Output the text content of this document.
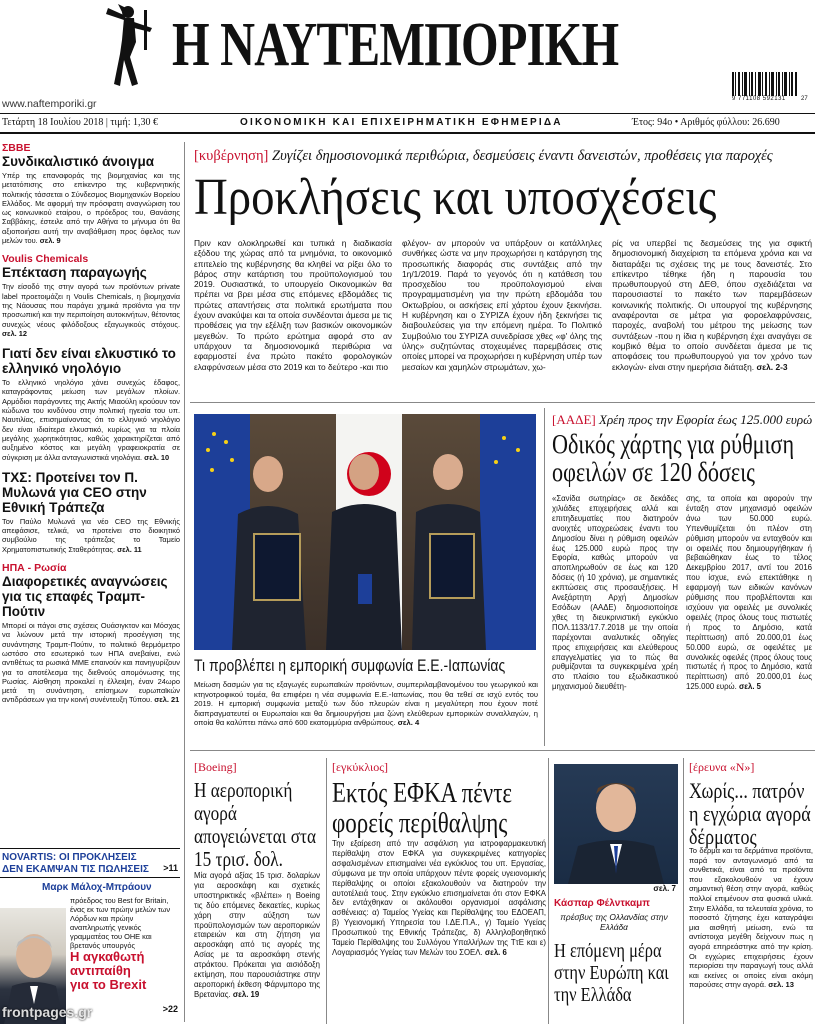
Η ΝΑΥΤΕΜΠΟΡΙΚΗ
www.naftemporiki.gr	9 771108 592131	27
Τετάρτη 18 Ιουλίου 2018 | τιμή: 1,30 €	ΟΙΚΟΝΟΜΙΚΗ ΚΑΙ ΕΠΙΧΕΙΡΗΜΑΤΙΚΗ ΕΦΗΜΕΡΙΔΑ	Έτος: 94ο • Αριθμός φύλλου: 26.690
ΣΒΒΕ
Συνδικαλιστικό άνοιγμα
Υπέρ της επαναφοράς της βιομηχανίας και της μετατόπισης στο επίκεντρο της κυβερνητικής πολιτικής τάσσεται ο Σύνδεσμος Βιομηχανιών Βορείου Ελλάδος. Με αφορμή την πρόσφατη αναγνώριση του ως κοινωνικού εταίρου, ο πρόεδρος του, Θανάσης Σαββάκης, έστειλε από την Αθήνα το μήνυμα ότι θα αξιοποιήσει αυτή την αναβάθμιση προς όφελος των μελών του. σελ. 9
Voulis Chemicals
Επέκταση παραγωγής
Την είσοδό της στην αγορά των προϊόντων private label προετοιμάζει η Voulis Chemicals, η βιομηχανία της Νάουσας που παράγει χημικά προϊόντα για την προσωπική και την περιποίηση αυτοκινήτων, θέτοντας συνεχώς νέους φιλόδοξους εξαγωγικούς στόχους. σελ. 12
Γιατί δεν είναι ελκυστικό το ελληνικό νηολόγιο
Το ελληνικό νηολόγιο χάνει συνεχώς έδαφος, καταγράφοντας μείωση των μεγάλων πλοίων. Αρμόδιοι παράγοντες της Ακτής Μιαούλη κρούουν τον κώδωνα του κινδύνου στην πολιτική ηγεσία του υπ. Ναυτιλίας, επισημαίνοντας ότι το ελληνικό νηολόγιο δεν είναι ιδιαίτερα ελκυστικό, κυρίως για τα πλοία μεγάλης χωρητικότητας, καθώς χαρακτηρίζεται από αυξημένο κόστος και μεγάλη γραφειοκρατία σε σύγκριση με άλλα ανταγωνιστικά νηολόγια. σελ. 10
ΤΧΣ: Προτείνει τον Π. Μυλωνά για CEO στην Εθνική Τράπεζα
Τον Παύλο Μυλωνά για νέο CEO της Εθνικής απεφάσισε, τελικά, να προτείνει στο διοικητικό συμβούλιο της τράπεζας το Ταμείο Χρηματοπιστωτικής Σταθερότητας. σελ. 11
ΗΠΑ - Ρωσία
Διαφορετικές αναγνώσεις για τις επαφές Τραμπ-Πούτιν
Μπορεί οι πάγοι στις σχέσεις Ουάσιγκτον και Μόσχας να λιώνουν μετά την ιστορική προσέγγιση της συνάντησης Τραμπ-Πούτιν, το πολιτικό θερμόμετρο ωστόσο στο εσωτερικό των ΗΠΑ ανεβαίνει, ενώ αντιθέτως τα ρωσικά ΜΜΕ επαινούν και πανηγυρίζουν για το αποτέλεσμα της διεθνούς απομόνωσης της Ρωσίας. Αίσθηση προκαλεί η έλλειψη, έναν 24ωρο μετά τη συνάντηση, επίσημων ευρωπαϊκών αντιδράσεων για την κοινή συνέντευξη Τύπου. σελ. 21
NOVARTIS: ΟΙ ΠΡΟΚΛΗΣΕΙΣ ΔΕΝ ΕΚΑΜΨΑΝ ΤΙΣ ΠΩΛΗΣΕΙΣ	>11
Μαρκ Μάλοχ-Μπράουν
πρόεδρος του Best for Britain, ένας εκ των πρώην μελών των Λόρδων και πρώην αναπληρωτής γενικός γραμματέας του ΟΗΕ και βρετανός υπουργός
Η αγκαθωτή αντιπαίθη για το Brexit
>22
frontpages.gr
[κυβέρνηση] Ζυγίζει δημοσιονομικά περιθώρια, δεσμεύσεις έναντι δανειστών, προθέσεις για παροχές
Προκλήσεις και υποσχέσεις
Πριν καν ολοκληρωθεί και τυπικά η διαδικασία εξόδου της χώρας από τα μνημόνια, το οικονομικό επιτελείο της κυβέρνησης θα κληθεί να ρίξει όλο το βάρος στην κατάρτιση του προϋπολογισμού του 2019. Ουσιαστικά, το υπουργείο Οικονομικών θα πρέπει να βρει μέσα στις επόμενες εβδομάδες τις πρώτες απαντήσεις στα πολιτικά ερωτήματα που έχουν ανακύψει και τα οποία συνδέονται άμεσα με τις προθέσεις για την εξέλιξη των βασικών οικονομικών μεγεθών. Το πρώτο ερώτημα αφορά στο αν υπάρχουν τα δημοσιονομικά περιθώρια να εφαρμοστεί ένα πρώτο πακέτο φορολογικών ελαφρύνσεων μέσα στο 2019 και το δεύτερο -και πιο
φλέγον- αν μπορούν να υπάρξουν οι κατάλληλες συνθήκες ώστε να μην προχωρήσει η κατάργηση της προσωπικής διαφοράς στις συντάξεις από την 1η/1/2019. Παρά το γεγονός ότι η κατάθεση του προσχεδίου του προϋπολογισμού είναι προγραμματισμένη για την πρώτη εβδομάδα του Οκτωβρίου, οι ασκήσεις επί χάρτου έχουν ξεκινήσει. Η κυβέρνηση και ο ΣΥΡΙΖΑ έχουν ήδη ξεκινήσει τις διαβουλεύσεις για την επόμενη ημέρα. Το Πολιτικό Συμβούλιο του ΣΥΡΙΖΑ συνεδρίασε χθες «φ' όλης της ύλης» συζητώντας στοχευμένες παρεμβάσεις στις οποίες μπορεί να προχωρήσει η κυβέρνηση υπέρ των μεσαίων και χαμηλών στρωμάτων, χω-
ρίς να υπερβεί τις δεσμεύσεις της για σφικτή δημοσιονομική διαχείριση τα επόμενα χρόνια και να διαταράξει τις σχέσεις της με τους δανειστές. Στο επίκεντρο τέθηκε ήδη η παρουσία του πρωθυπουργού στη ΔΕΘ, όπου σχεδιάζεται να παρουσιαστεί το πακέτο των παρεμβάσεων κοινωνικής πολιτικής. Οι υπουργοί της κυβέρνησης αναφέρονται σε μέτρα για φοροελαφρύνσεις, παροχές, αναβολή του μέτρου της μείωσης των συντάξεων -που η ίδια η κυβέρνηση έχει αναγάγει σε κομβικό θέμα το οποίο συνδέεται άμεσα με τις αποφάσεις του πρωθυπουργού για τον χρόνο των εκλογών- είναι στην ημερήσια διάταξη. σελ. 2-3
Τι προβλέπει η εμπορική συμφωνία Ε.Ε.-Ιαπωνίας
Μείωση δασμών για τις εξαγωγές ευρωπαϊκών προϊόντων, συμπεριλαμβανομένου του γεωργικού και κτηνοτροφικού τομέα, θα επιφέρει η νέα συμφωνία Ε.Ε.-Ιαπωνίας, που θα τεθεί σε ισχύ εντός του 2019. Η εμπορική συμφωνία μεταξύ των δύο πλευρών είναι η μεγαλύτερη που έχουν ποτέ διαπραγματευτεί οι Ευρωπαίοι και θα δημιουργήσει μια ζώνη ελεύθερων εμπορικών συναλλαγών, η οποία θα καλύπτει πάνω από 600 εκατομμύρια ανθρώπους. σελ. 4
[ΑΑΔΕ] Χρέη προς την Εφορία έως 125.000 ευρώ
Οδικός χάρτης για ρύθμιση οφειλών σε 120 δόσεις
«Σανίδα σωτηρίας» σε δεκάδες χιλιάδες επιχειρήσεις αλλά και επιτηδευματίες που διατηρούν ανοιχτές υποχρεώσεις έναντι του Δημοσίου δίνει η ρύθμιση οφειλών έως 125.000 ευρώ προς την Εφορία, καθώς μπορούν να αποπληρωθούν σε έως και 120 δόσεις (ή 10 χρόνια), με σημαντικές εκπτώσεις στις προσαυξήσεις. Η Ανεξάρτητη Αρχή Δημοσίων Εσόδων (ΑΑΔΕ) δημοσιοποίησε χθες τη διευκρινιστική εγκύκλιο ΠΟΛ.1133/17.7.2018 με την οποία παρέχονται αναλυτικές οδηγίες προς επιχειρήσεις και ελεύθερους επαγγελματίες για το πώς θα ρυθμίζονται τα συγκεκριμένα χρέη στο πλαίσιο του εξωδικαστικού μηχανισμού διευθέτη-
σης, τα οποία και αφορούν την ένταξη στον μηχανισμό οφειλών άνω των 50.000 ευρώ. Υπενθυμίζεται ότι πλέον στη ρύθμιση μπορούν να ενταχθούν και οι οφειλές που δημιουργήθηκαν ή βεβαιώθηκαν έως το τέλος Δεκεμβρίου 2017, αντί του 2016 που ίσχυε, ενώ επεκτάθηκε η εφαρμογή των ειδικών κανόνων ρύθμισης που προβλέπονται και ισχύουν για οφειλές με συνολικές οφειλές (προς όλους τους πιστωτές ή προς το Δημόσιο, κατά περίπτωση) από 20.000,01 έως 50.000 ευρώ, σε οφειλέτες με συνολικές οφειλές (προς όλους τους πιστωτές ή προς το Δημόσιο, κατά περίπτωση) από 20.000,01 έως 125.000 ευρώ. σελ. 5
[Boeing]
Η αεροπορική αγορά απογειώνεται στα 15 τρισ. δολ.
Μία αγορά αξίας 15 τρισ. δολαρίων για αεροσκάφη και σχετικές υποστηρικτικές «βλέπει» η Boeing τις δύο επόμενες δεκαετίες, κυρίως χάρη στην αύξηση των προϋπολογισμών των αεροπορικών εταιρειών και στη ζήτηση για αεροσκάφη από τις αγορές της Ασίας με τα αεροσκάφη στενής ατράκτου. Πρόκειται για αισιόδοξη εκτίμηση, που παρουσιάστηκε στην αεροπορική έκθεση Φάρνμπορο της Βρετανίας. σελ. 19
[εγκύκλιος]
Εκτός ΕΦΚΑ πέντε φορείς περίθαλψης
Την εξαίρεση από την ασφάλιση για ιατροφαρμακευτική περίθαλψη στον ΕΦΚΑ για συγκεκριμένες κατηγορίες ασφαλισμένων επισημαίνει νέα εγκύκλιος του υπ. Εργασίας, σύμφωνα με την οποία υπάρχουν πέντε φορείς υγειονομικής περίθαλψης οι οποίοι εξακολουθούν να διατηρούν την αυτοτέλειά τους. Στην εγκύκλιο επισημαίνεται ότι στον ΕΦΚΑ δεν εντάχθηκαν οι ακόλουθοι οργανισμοί ασφάλισης ασθένειας: α) Ταμείος Υγείας και Περίθαλψης του ΕΔΟΕΑΠ, β) Υγειονομική Υπηρεσία του Ι.ΔΕ.Π.Α., γ) Ταμείο Υγείας Προσωπικού της Εθνικής Τράπεζας, δ) Αλληλοβοηθητικό Ταμείο Περίθαλψης του Συλλόγου Υπαλλήλων της ΤτΕ και ε) Λογαριασμός Υγείας των Μελών του ΣΟΕΛ. σελ. 6
σελ. 7
Κάσπαρ Φέλντκαμπ
πρέσβυς της Ολλανδίας στην Ελλάδα
Η επόμενη μέρα στην Ευρώπη και την Ελλάδα
[έρευνα «Ν»]
Χωρίς... πατρόν η εγχώρια αγορά δέρματος
Το δέρμα και τα δερμάτινα προϊόντα, παρά τον ανταγωνισμό από τα συνθετικά, είναι από τα προϊόντα που εξακολουθούν να έχουν σημαντική θέση στην αγορά, καθώς πολλοί επιμένουν στα φυσικά υλικά. Στην Ελλάδα, τα τελευταία χρόνια, το ποσοστό ζήτησης έχει καταγράψει μια αισθητή μείωση, ενώ τα αντίστοιχα μεγέθη δείχνουν πως η αγορά επηρεάστηκε από την κρίση. Οι εγχώριες επιχειρήσεις έχουν περιορίσει την παραγωγή τους αλλά και εκείνες οι οποίες είναι ακόμη παρούσες στην αγορά. σελ. 13
